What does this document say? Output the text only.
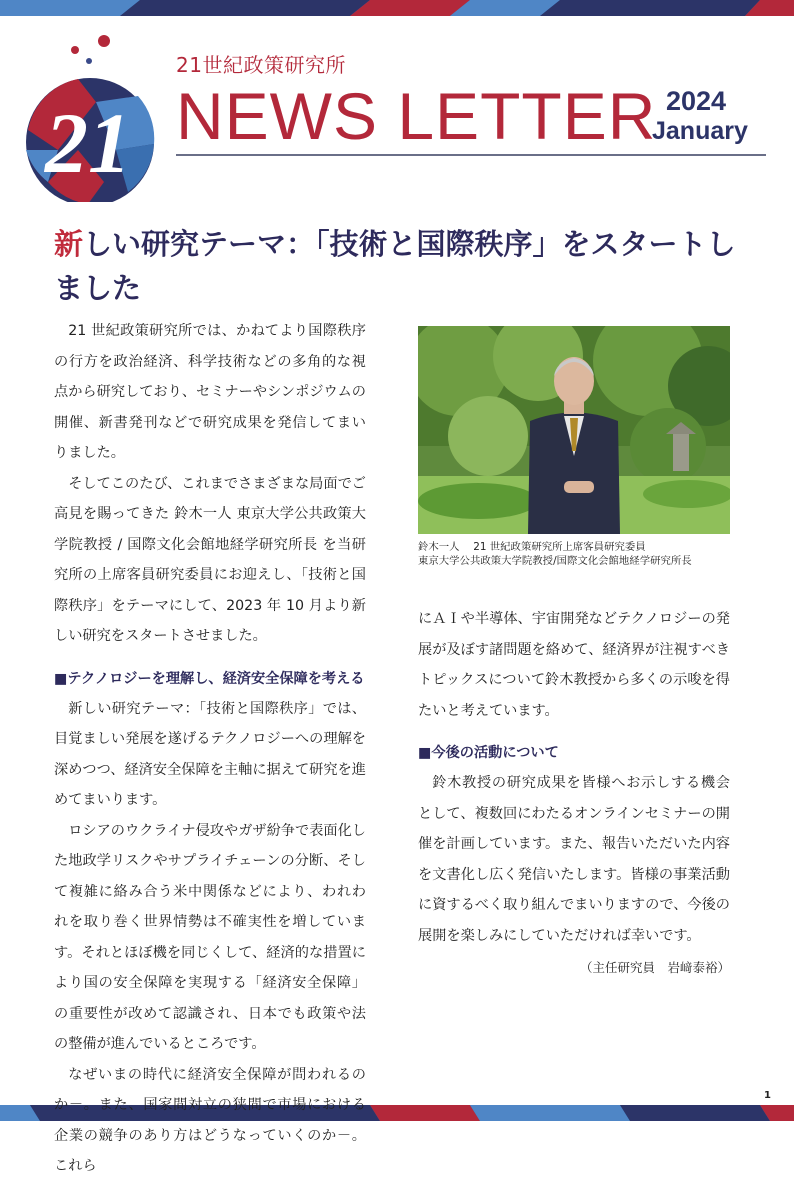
21
21世紀政策研究所
NEWS LETTER 2024
January
新しい研究テーマ：「技術と国際秩序」をスタートしました

21 世紀政策研究所では、かねてより国際秩序の行方を政治経済、科学技術などの多角的な視点から研究しており、セミナーやシンポジウムの開催、新書発刊などで研究成果を発信してまいりました。

そしてこのたび、これまでさまざまな局面でご高見を賜ってきた 鈴木一人 東京大学公共政策大学院教授 / 国際文化会館地経学研究所長 を当研究所の上席客員研究委員にお迎えし、「技術と国際秩序」をテーマにして、2023 年 10 月より新しい研究をスタートさせました。

■テクノロジーを理解し、経済安全保障を考える

新しい研究テーマ：「技術と国際秩序」では、目覚ましい発展を遂げるテクノロジーへの理解を深めつつ、経済安全保障を主軸に据えて研究を進めてまいります。

ロシアのウクライナ侵攻やガザ紛争で表面化した地政学リスクやサプライチェーンの分断、そして複雑に絡み合う米中関係などにより、われわれを取り巻く世界情勢は不確実性を増しています。それとほぼ機を同じくして、経済的な措置により国の安全保障を実現する「経済安全保障」の重要性が改めて認識され、日本でも政策や法の整備が進んでいるところです。

なぜいまの時代に経済安全保障が問われるのか－。また、国家間対立の狭間で市場における企業の競争のあり方はどうなっていくのか－。これら

鈴木一人　 21 世紀政策研究所上席客員研究委員
東京大学公共政策大学院教授/国際文化会館地経学研究所長

にＡＩや半導体、宇宙開発などテクノロジーの発展が及ぼす諸問題を絡めて、経済界が注視すべきトピックスについて鈴木教授から多くの示唆を得たいと考えています。

■今後の活動について

鈴木教授の研究成果を皆様へお示しする機会として、複数回にわたるオンラインセミナーの開催を計画しています。また、報告いただいた内容を文書化し広く発信いたします。皆様の事業活動に資するべく取り組んでまいりますので、今後の展開を楽しみにしていただければ幸いです。

（主任研究員　岩﨑泰裕）
1
